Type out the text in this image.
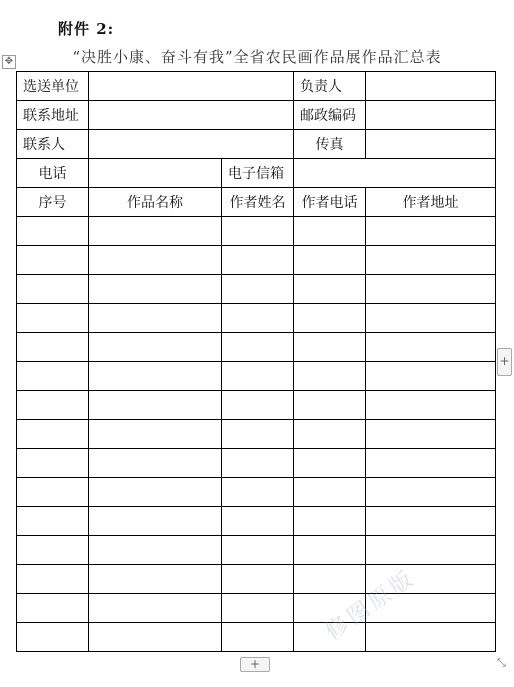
附件 2:
✥	“决胜小康、奋斗有我”全省农民画作品展作品汇总表
选送单位			负责人	
联系地址			邮政编码	
联系人			传真	
电话		电子信箱		
序号	作品名称	作者姓名	作者电话	作者地址

修图原版
+
+	⤡
